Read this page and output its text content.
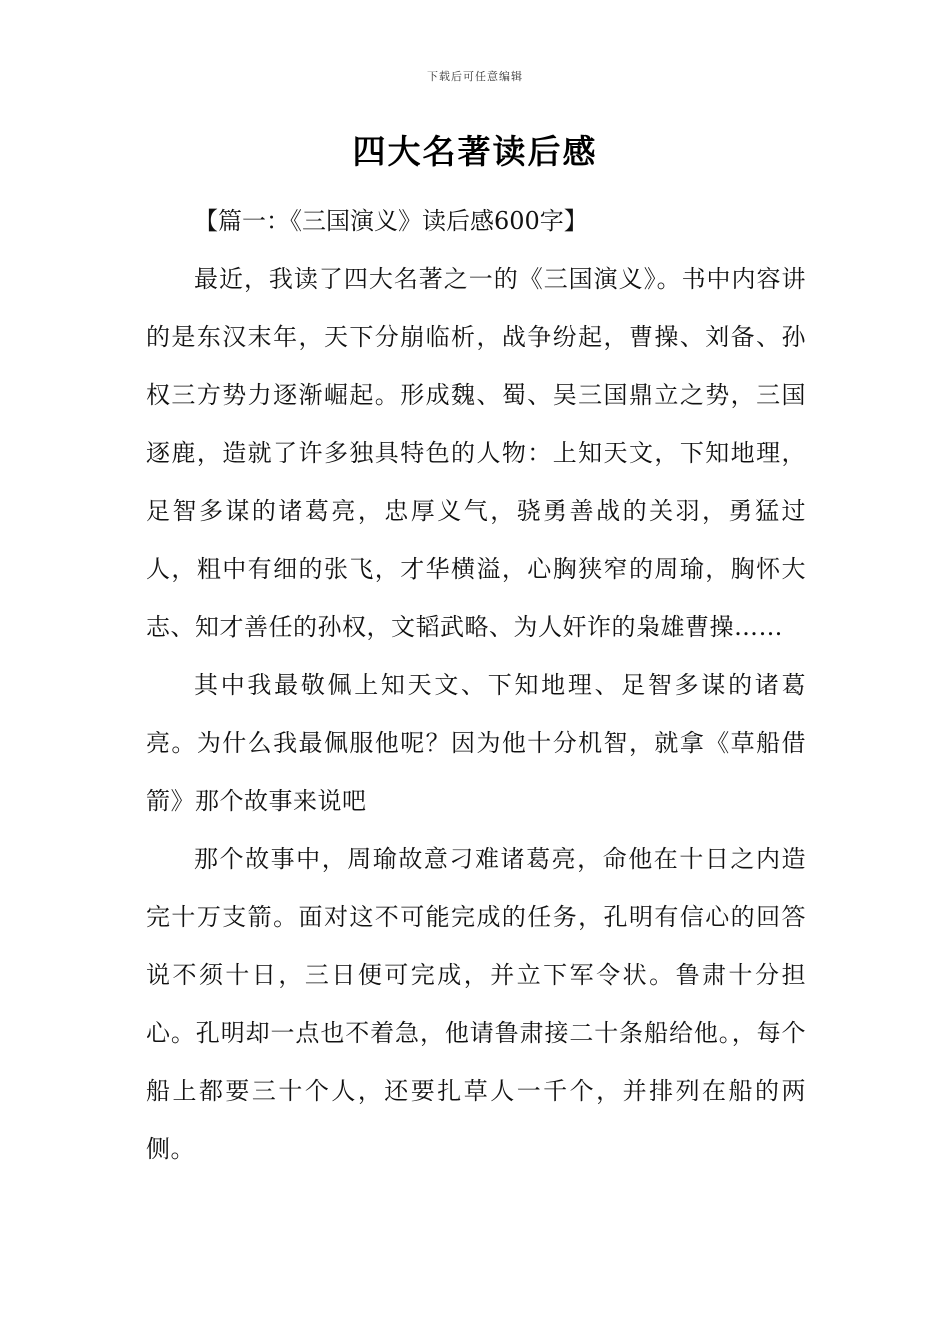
下载后可任意编辑
四大名著读后感

【篇一：《三国演义》读后感600字】

最近，我读了四大名著之一的《三国演义》。书中内容讲的是东汉末年，天下分崩临析，战争纷起，曹操、刘备、孙权三方势力逐渐崛起。形成魏、蜀、吴三国鼎立之势，三国逐鹿，造就了许多独具特色的人物：上知天文，下知地理，足智多谋的诸葛亮，忠厚义气，骁勇善战的关羽，勇猛过人，粗中有细的张飞，才华横溢，心胸狭窄的周瑜，胸怀大志、知才善任的孙权，文韬武略、为人奸诈的枭雄曹操……

其中我最敬佩上知天文、下知地理、足智多谋的诸葛亮。为什么我最佩服他呢？因为他十分机智，就拿《草船借箭》那个故事来说吧

那个故事中，周瑜故意刁难诸葛亮，命他在十日之内造完十万支箭。面对这不可能完成的任务，孔明有信心的回答说不须十日，三日便可完成，并立下军令状。鲁肃十分担心。孔明却一点也不着急，他请鲁肃接二十条船给他。，每个船上都要三十个人，还要扎草人一千个，并排列在船的两侧。
